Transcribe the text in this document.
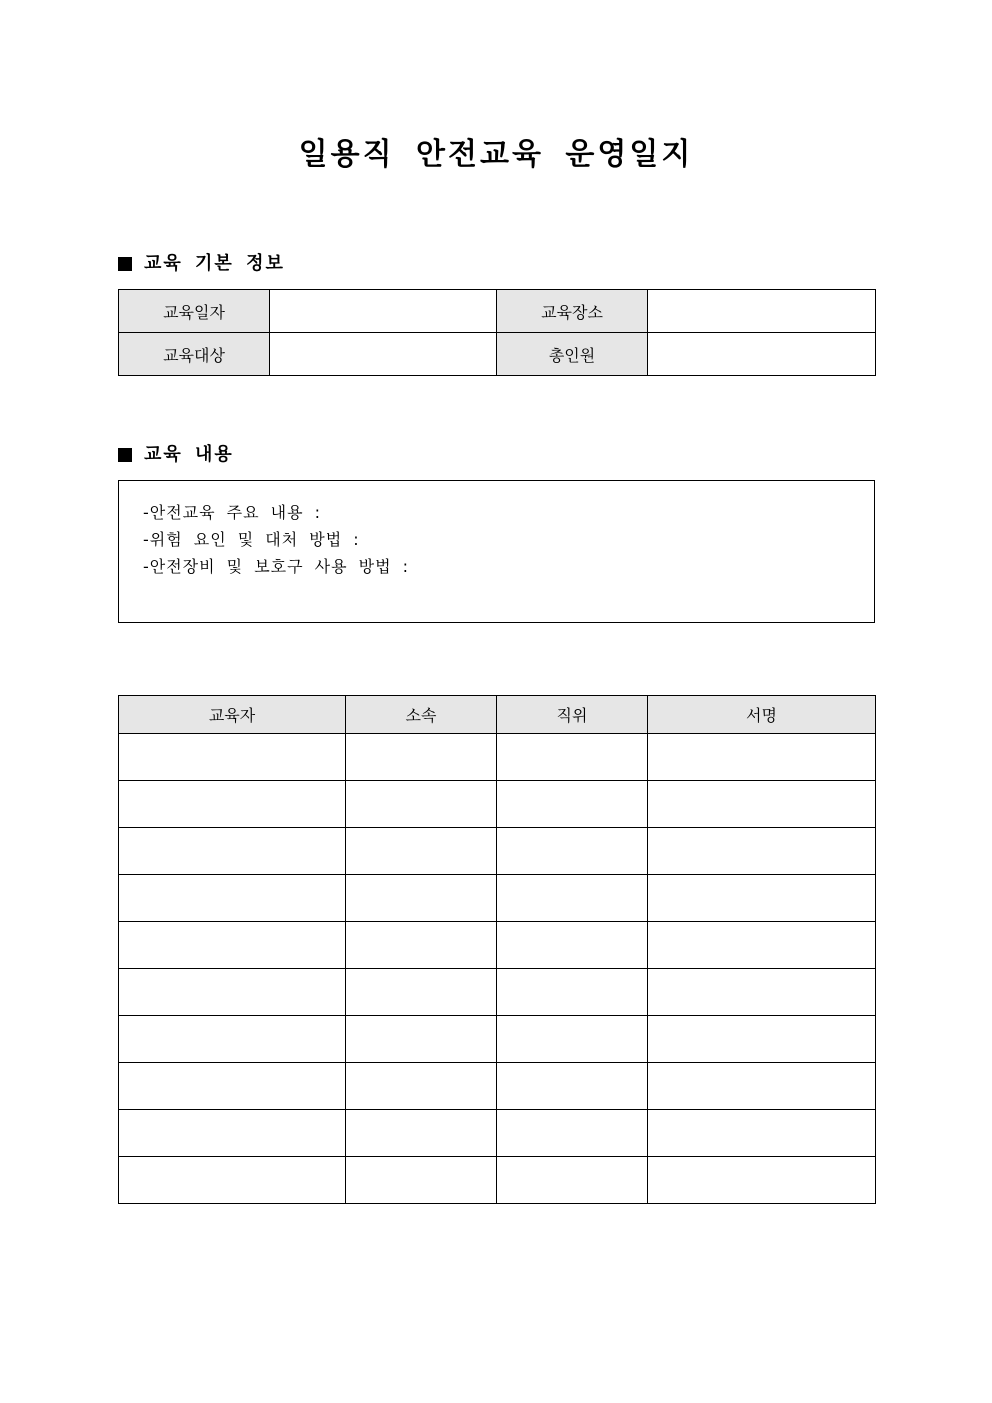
일용직 안전교육 운영일지
교육 기본 정보
교육일자		교육장소	
교육대상		총인원	
교육 내용
-안전교육 주요 내용 :
-위험 요인 및 대처 방법 :
-안전장비 및 보호구 사용 방법 :
교육자	소속	직위	서명
